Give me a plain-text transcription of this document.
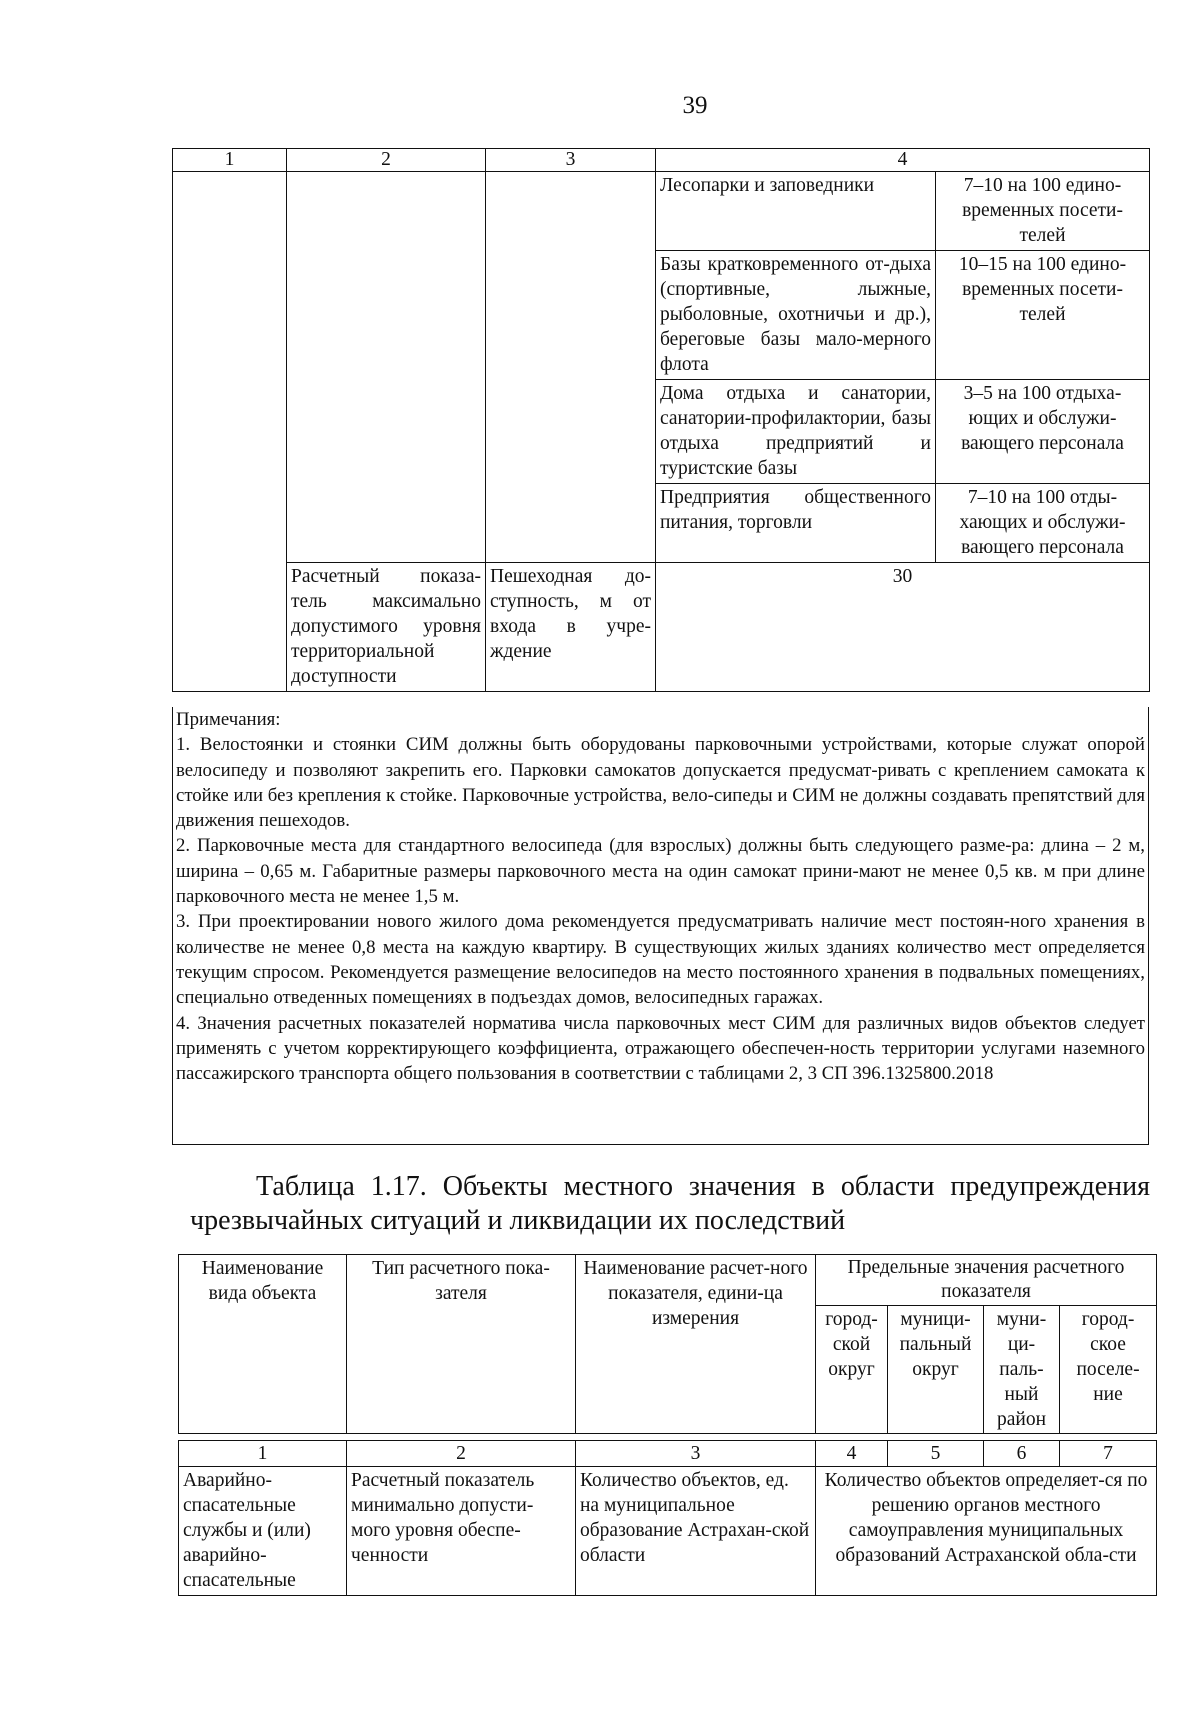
39
1	2	3	4	
			Лесопарки и заповедники	7–10 на 100 едино-временных посети-телей
			Базы кратковременного от-дыха (спортивные, лыжные, рыболовные, охотничьи и др.), береговые базы мало-мерного флота	10–15 на 100 едино-временных посети-телей
			Дома отдыха и санатории, санатории-профилактории, базы отдыха предприятий и туристские базы	3–5 на 100 отдыха-ющих и обслужи-вающего персонала
			Предприятия общественного питания, торговли	7–10 на 100 отды-хающих и обслужи-вающего персонала
	Расчетный показа-тель максимально допустимого уровня территориальной доступности	Пешеходная до-ступность, м от входа в учре-ждение	30	

Примечания:

1. Велостоянки и стоянки СИМ должны быть оборудованы парковочными устройствами, которые служат опорой велосипеду и позволяют закрепить его. Парковки самокатов допускается предусмат-ривать с креплением самоката к стойке или без крепления к стойке. Парковочные устройства, вело-сипеды и СИМ не должны создавать препятствий для движения пешеходов.

2. Парковочные места для стандартного велосипеда (для взрослых) должны быть следующего разме-ра: длина – 2 м, ширина – 0,65 м. Габаритные размеры парковочного места на один самокат прини-мают не менее 0,5 кв. м при длине парковочного места не менее 1,5 м.

3. При проектировании нового жилого дома рекомендуется предусматривать наличие мест постоян-ного хранения в количестве не менее 0,8 места на каждую квартиру. В существующих жилых зданиях количество мест определяется текущим спросом. Рекомендуется размещение велосипедов на место постоянного хранения в подвальных помещениях, специально отведенных помещениях в подъездах домов, велосипедных гаражах.

4. Значения расчетных показателей норматива числа парковочных мест СИМ для различных видов объектов следует применять с учетом корректирующего коэффициента, отражающего обеспечен-ность территории услугами наземного пассажирского транспорта общего пользования в соответствии с таблицами 2, 3 СП 396.1325800.2018

Таблица 1.17. Объекты местного значения в области предупреждения чрезвычайных ситуаций и ликвидации их последствий
Наименование вида объекта	Тип расчетного пока-зателя	Наименование расчет-ного показателя, едини-ца измерения	Предельные значения расчетного показателя			
			город-ской округ	муници-пальный округ	муни-ци-паль-ный район	город-ское поселе-ние

1	2	3	4	5	6	7
Аварийно-спасательные службы и (или) аварийно-спасательные	Расчетный показатель минимально допусти-мого уровня обеспе-ченности	Количество объектов, ед. на муниципальное образование Астрахан-ской области	Количество объектов определяет-ся по решению органов местного самоуправления муниципальных образований Астраханской обла-сти			
